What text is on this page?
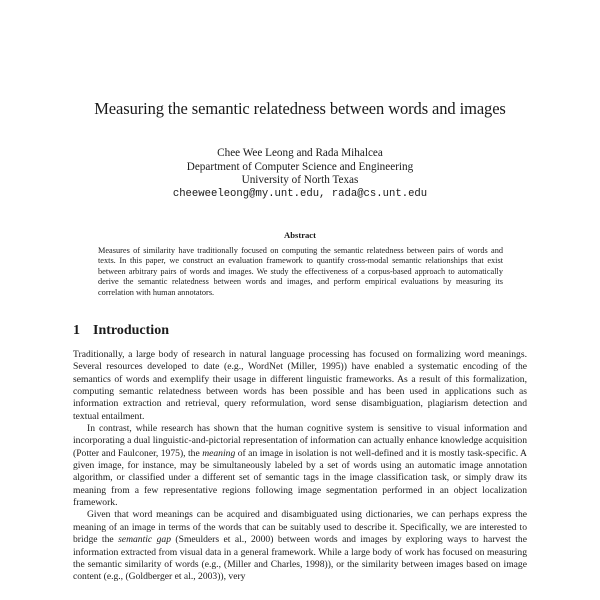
Measuring the semantic relatedness between words and images
Chee Wee Leong and Rada Mihalcea
Department of Computer Science and Engineering
University of North Texas
cheeweeleong@my.unt.edu, rada@cs.unt.edu
Abstract
Measures of similarity have traditionally focused on computing the semantic relatedness between pairs of words and texts. In this paper, we construct an evaluation framework to quantify cross-modal semantic relationships that exist between arbitrary pairs of words and images. We study the effectiveness of a corpus-based approach to automatically derive the semantic relatedness between words and images, and perform empirical evaluations by measuring its correlation with human annotators.
1 Introduction

Traditionally, a large body of research in natural language processing has focused on formalizing word meanings. Several resources developed to date (e.g., WordNet (Miller, 1995)) have enabled a systematic encoding of the semantics of words and exemplify their usage in different linguistic frameworks. As a result of this formalization, computing semantic relatedness between words has been possible and has been used in applications such as information extraction and retrieval, query reformulation, word sense disambiguation, plagiarism detection and textual entailment.

In contrast, while research has shown that the human cognitive system is sensitive to visual information and incorporating a dual linguistic-and-pictorial representation of information can actually enhance knowledge acquisition (Potter and Faulconer, 1975), the meaning of an image in isolation is not well-defined and it is mostly task-specific. A given image, for instance, may be simultaneously labeled by a set of words using an automatic image annotation algorithm, or classified under a different set of semantic tags in the image classification task, or simply draw its meaning from a few representative regions following image segmentation performed in an object localization framework.

Given that word meanings can be acquired and disambiguated using dictionaries, we can perhaps express the meaning of an image in terms of the words that can be suitably used to describe it. Specifically, we are interested to bridge the semantic gap (Smeulders et al., 2000) between words and images by exploring ways to harvest the information extracted from visual data in a general framework. While a large body of work has focused on measuring the semantic similarity of words (e.g., (Miller and Charles, 1998)), or the similarity between images based on image content (e.g., (Goldberger et al., 2003)), very
